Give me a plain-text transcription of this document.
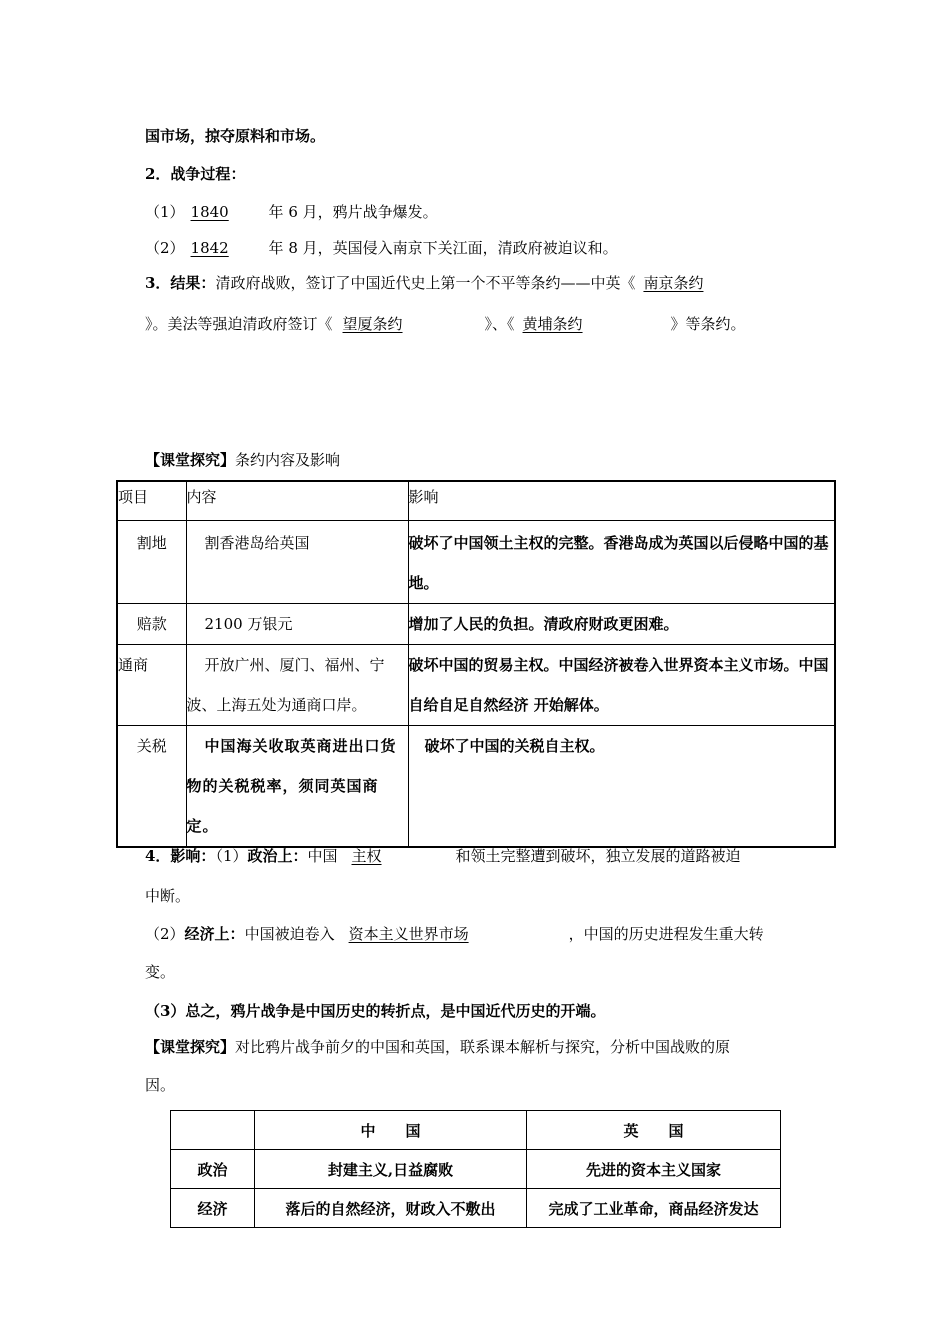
国市场，掠夺原料和市场。
2．战争过程：
（1） 1840	年 6 月，鸦片战争爆发。
（2） 1842	年 8 月，英国侵入南京下关江面，清政府被迫议和。
3．结果：清政府战败，签订了中国近代史上第一个不平等条约——中英《 南京条约
》。美法等强迫清政府签订《 望厦条约	》、《 黄埔条约	》等条约。
【课堂探究】条约内容及影响
项目	内容	影响
割地	割香港岛给英国	破坏了中国领土主权的完整。香港岛成为英国以后侵略中国的基地。
赔款	2100 万银元	增加了人民的负担。清政府财政更困难。
通商	开放广州、厦门、福州、宁波、上海五处为通商口岸。	破坏中国的贸易主权。中国经济被卷入世界资本主义市场。中国自给自足自然经济 开始解体。
关税	中国海关收取英商进出口货物的关税税率，须同英国商定。	破坏了中国的关税自主权。
4．影响：（1）政治上：中国 主权	和领土完整遭到破坏，独立发展的道路被迫
中断。
（2）经济上：中国被迫卷入 资本主义世界市场	，中国的历史进程发生重大转
变。
（3）总之，鸦片战争是中国历史的转折点，是中国近代历史的开端。
【课堂探究】对比鸦片战争前夕的中国和英国，联系课本解析与探究，分析中国战败的原
因。
	中　　国	英　　国
政治	封建主义,日益腐败	先进的资本主义国家
经济	落后的自然经济，财政入不敷出	完成了工业革命，商品经济发达
